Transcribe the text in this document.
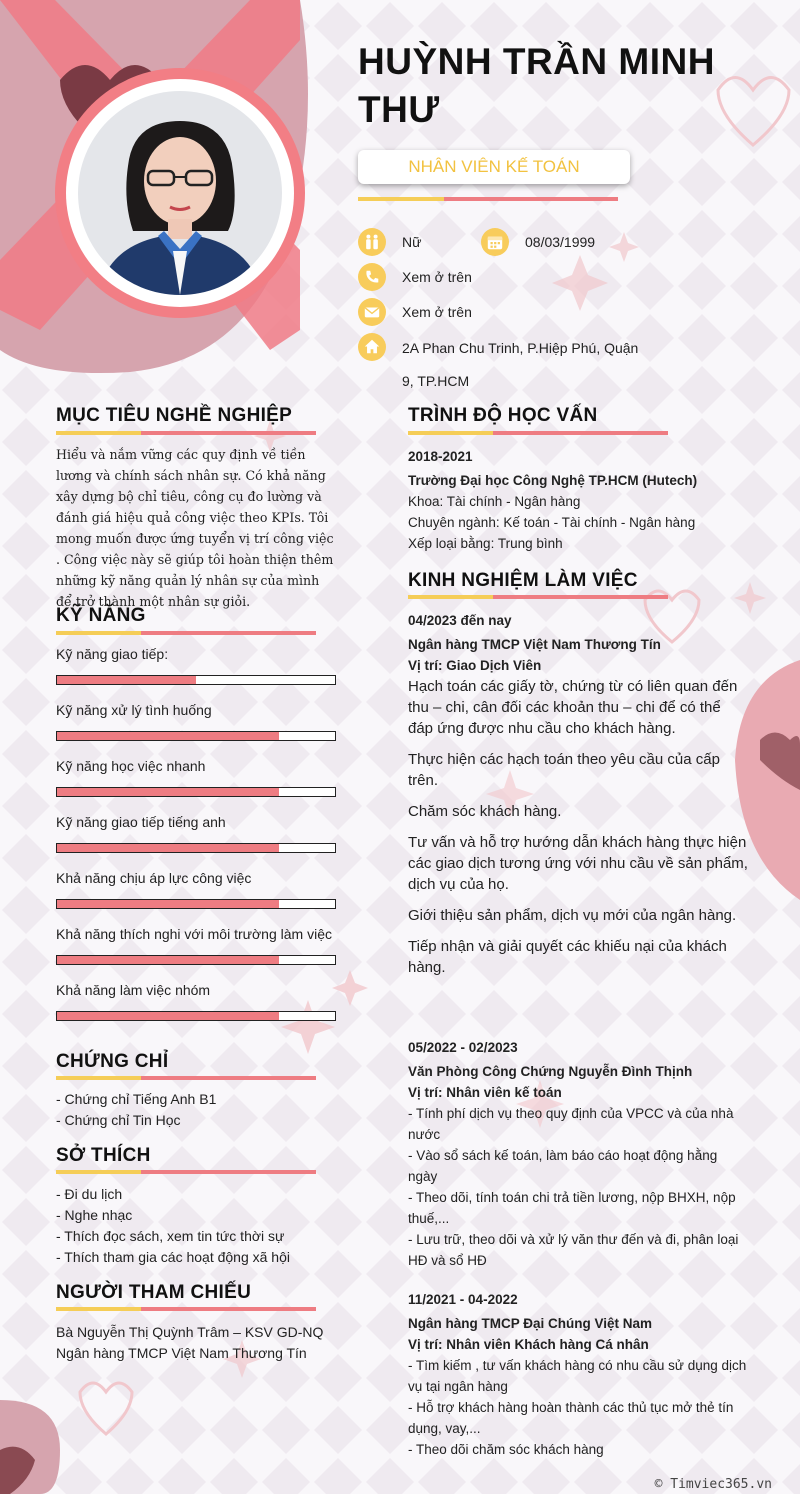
HUỲNH TRẦN MINH THƯ
NHÂN VIÊN KẾ TOÁN
Nữ	08/03/1999
Xem ở trên
Xem ở trên
2A Phan Chu Trinh, P.Hiệp Phú, Quận
9, TP.HCM
MỤC TIÊU NGHỀ NGHIỆP
Hiểu và nắm vững các quy định về tiền lương và chính sách nhân sự. Có khả năng xây dựng bộ chỉ tiêu, công cụ đo lường và đánh giá hiệu quả công việc theo KPIs. Tôi mong muốn được ứng tuyển vị trí công việc . Công việc này sẽ giúp tôi hoàn thiện thêm những kỹ năng quản lý nhân sự của mình để trở thành một nhân sự giỏi.
KỸ NĂNG
Kỹ năng giao tiếp:
Kỹ năng xử lý tình huống
Kỹ năng học việc nhanh
Kỹ năng giao tiếp tiếng anh
Khả năng chịu áp lực công việc
Khả năng thích nghi với môi trường làm việc
Khả năng làm việc nhóm
CHỨNG CHỈ
- Chứng chỉ Tiếng Anh B1
- Chứng chỉ Tin Học
SỞ THÍCH
- Đi du lịch
- Nghe nhạc
- Thích đọc sách, xem tin tức thời sự
- Thích tham gia các hoạt động xã hội
NGƯỜI THAM CHIẾU
Bà Nguyễn Thị Quỳnh Trâm – KSV GD-NQ
Ngân hàng TMCP Việt Nam Thương Tín
TRÌNH ĐỘ HỌC VẤN
2018-2021
Trường Đại học Công Nghệ TP.HCM (Hutech)
Khoa: Tài chính - Ngân hàng
Chuyên ngành: Kế toán - Tài chính - Ngân hàng
Xếp loại bằng: Trung bình
KINH NGHIỆM LÀM VIỆC
04/2023 đến nay
Ngân hàng TMCP Việt Nam Thương Tín
Vị trí: Giao Dịch Viên
Hạch toán các giấy tờ, chứng từ có liên quan đến thu – chi, cân đối các khoản thu – chi để có thể đáp ứng được nhu cầu cho khách hàng.
Thực hiện các hạch toán theo yêu cầu của cấp trên.
Chăm sóc khách hàng.
Tư vấn và hỗ trợ hướng dẫn khách hàng thực hiện các giao dịch tương ứng với nhu cầu về sản phẩm, dịch vụ của họ.
Giới thiệu sản phẩm, dịch vụ mới của ngân hàng.
Tiếp nhận và giải quyết các khiếu nại của khách hàng.
05/2022 - 02/2023
Văn Phòng Công Chứng Nguyễn Đình Thịnh
Vị trí: Nhân viên kế toán
- Tính phí dịch vụ theo quy định của VPCC và của nhà nước
- Vào sổ sách kế toán, làm báo cáo hoạt động hằng ngày
- Theo dõi, tính toán chi trả tiền lương, nộp BHXH, nộp thuế,...
- Lưu trữ, theo dõi và xử lý văn thư đến và đi, phân loại HĐ và sổ HĐ
11/2021 - 04-2022
Ngân hàng TMCP Đại Chúng Việt Nam
Vị trí: Nhân viên Khách hàng Cá nhân
- Tìm kiếm , tư vấn khách hàng có nhu cầu sử dụng dịch vụ tại ngân hàng
- Hỗ trợ khách hàng hoàn thành các thủ tục mở thẻ tín dụng, vay,...
- Theo dõi chăm sóc khách hàng
© Timviec365.vn
